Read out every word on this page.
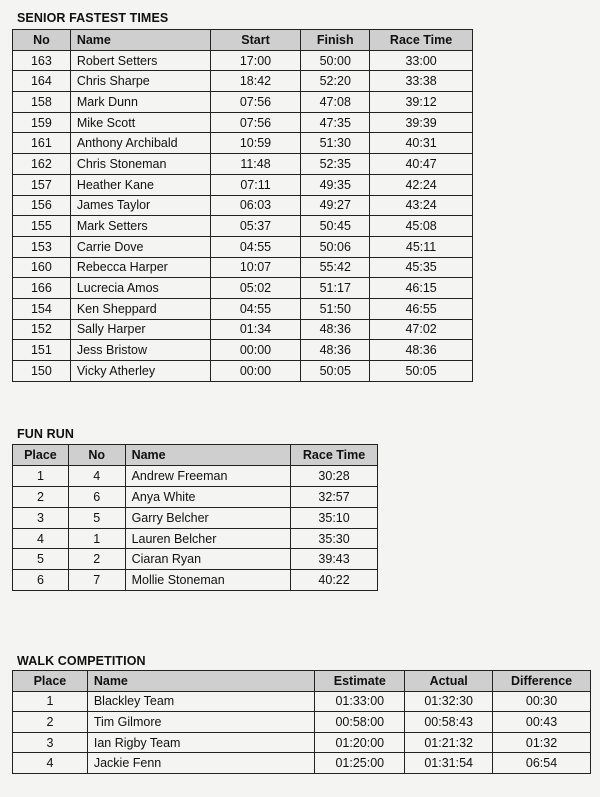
SENIOR FASTEST TIMES
No	Name	Start	Finish	Race Time
163	Robert Setters	17:00	50:00	33:00
164	Chris Sharpe	18:42	52:20	33:38
158	Mark Dunn	07:56	47:08	39:12
159	Mike Scott	07:56	47:35	39:39
161	Anthony Archibald	10:59	51:30	40:31
162	Chris Stoneman	11:48	52:35	40:47
157	Heather Kane	07:11	49:35	42:24
156	James Taylor	06:03	49:27	43:24
155	Mark Setters	05:37	50:45	45:08
153	Carrie Dove	04:55	50:06	45:11
160	Rebecca Harper	10:07	55:42	45:35
166	Lucrecia Amos	05:02	51:17	46:15
154	Ken Sheppard	04:55	51:50	46:55
152	Sally Harper	01:34	48:36	47:02
151	Jess Bristow	00:00	48:36	48:36
150	Vicky Atherley	00:00	50:05	50:05
FUN RUN
Place	No	Name	Race Time
1	4	Andrew Freeman	30:28
2	6	Anya White	32:57
3	5	Garry Belcher	35:10
4	1	Lauren Belcher	35:30
5	2	Ciaran Ryan	39:43
6	7	Mollie Stoneman	40:22
WALK COMPETITION
Place	Name	Estimate	Actual	Difference
1	Blackley Team	01:33:00	01:32:30	00:30
2	Tim Gilmore	00:58:00	00:58:43	00:43
3	Ian Rigby Team	01:20:00	01:21:32	01:32
4	Jackie Fenn	01:25:00	01:31:54	06:54
